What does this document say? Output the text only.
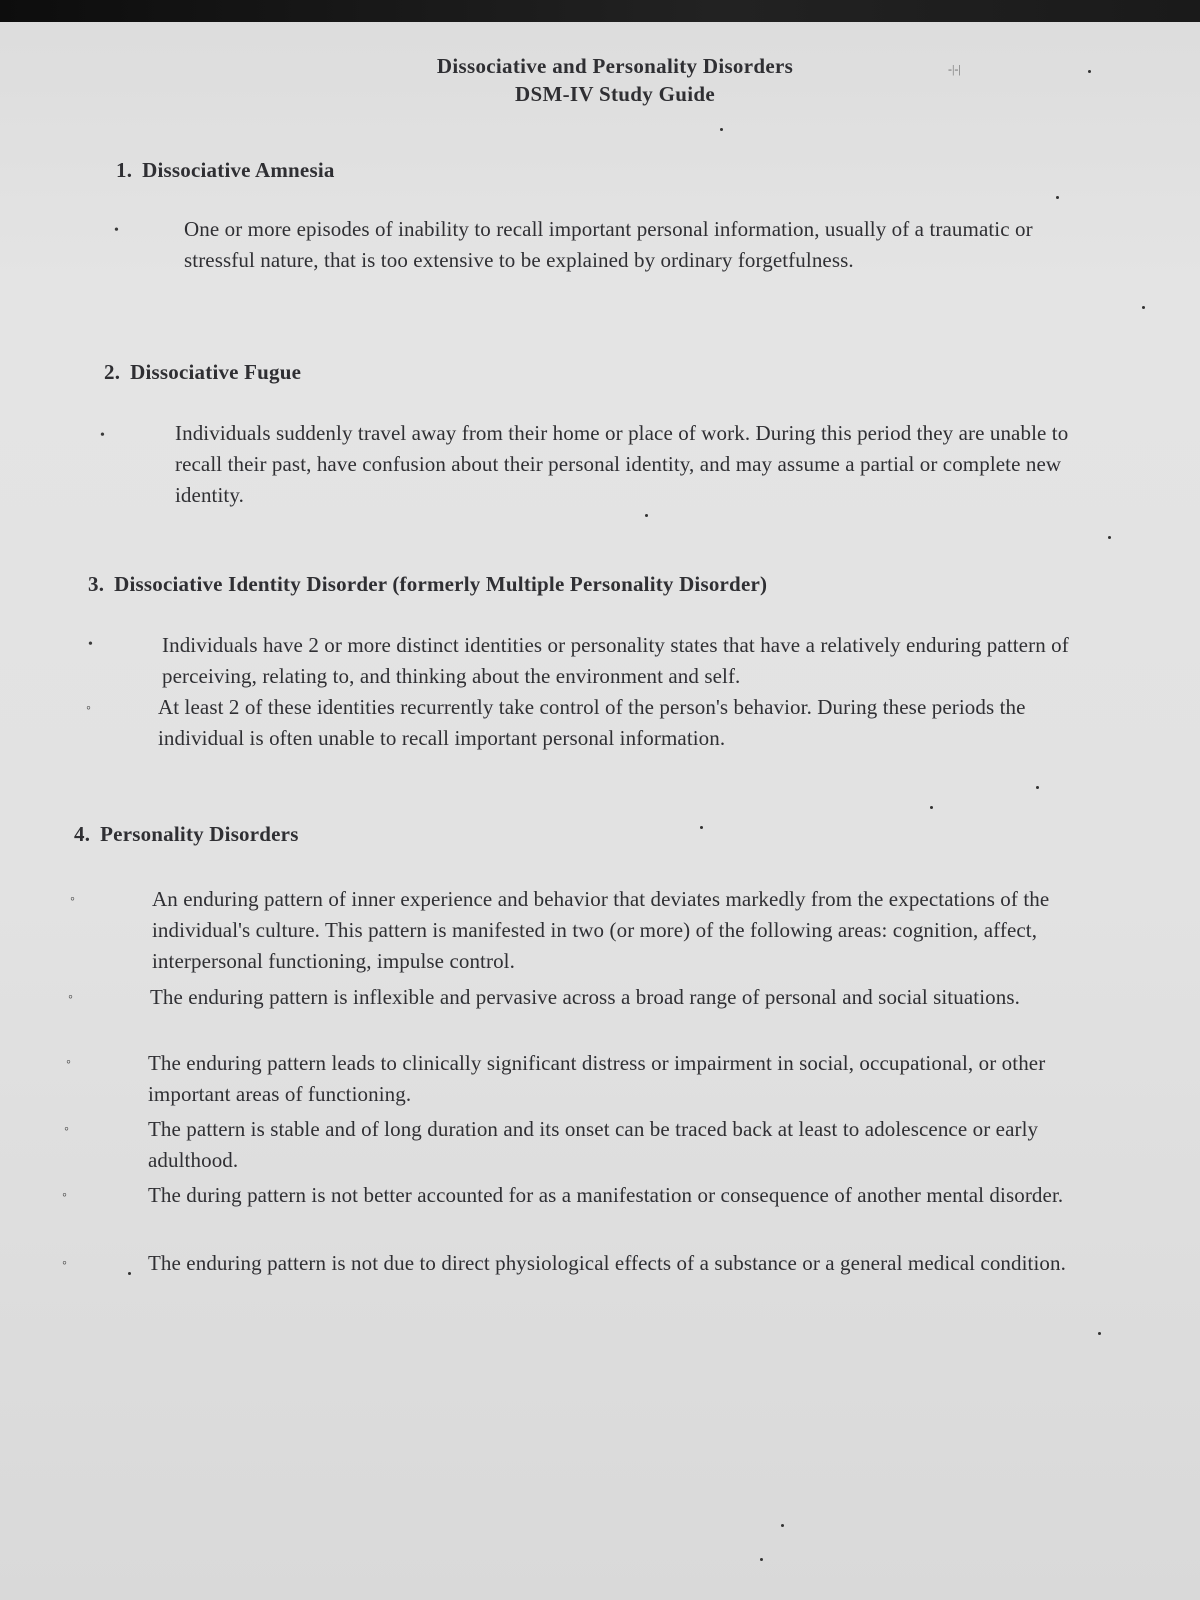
Dissociative and Personality Disorders
DSM-IV Study Guide
-|-|
1. Dissociative Amnesia
•	One or more episodes of inability to recall important personal information, usually of a traumatic or stressful nature, that is too extensive to be explained by ordinary forgetfulness.
2. Dissociative Fugue
•	Individuals suddenly travel away from their home or place of work. During this period they are unable to recall their past, have confusion about their personal identity, and may assume a partial or complete new identity.
3. Dissociative Identity Disorder (formerly Multiple Personality Disorder)
•	Individuals have 2 or more distinct identities or personality states that have a relatively enduring pattern of perceiving, relating to, and thinking about the environment and self.
◦	At least 2 of these identities recurrently take control of the person's behavior. During these periods the individual is often unable to recall important personal information.
4. Personality Disorders
◦	An enduring pattern of inner experience and behavior that deviates markedly from the expectations of the individual's culture. This pattern is manifested in two (or more) of the following areas: cognition, affect, interpersonal functioning, impulse control.
◦	The enduring pattern is inflexible and pervasive across a broad range of personal and social situations.
◦	The enduring pattern leads to clinically significant distress or impairment in social, occupational, or other important areas of functioning.
◦	The pattern is stable and of long duration and its onset can be traced back at least to adolescence or early adulthood.
◦	The during pattern is not better accounted for as a manifestation or consequence of another mental disorder.
◦	The enduring pattern is not due to direct physiological effects of a substance or a general medical condition.
